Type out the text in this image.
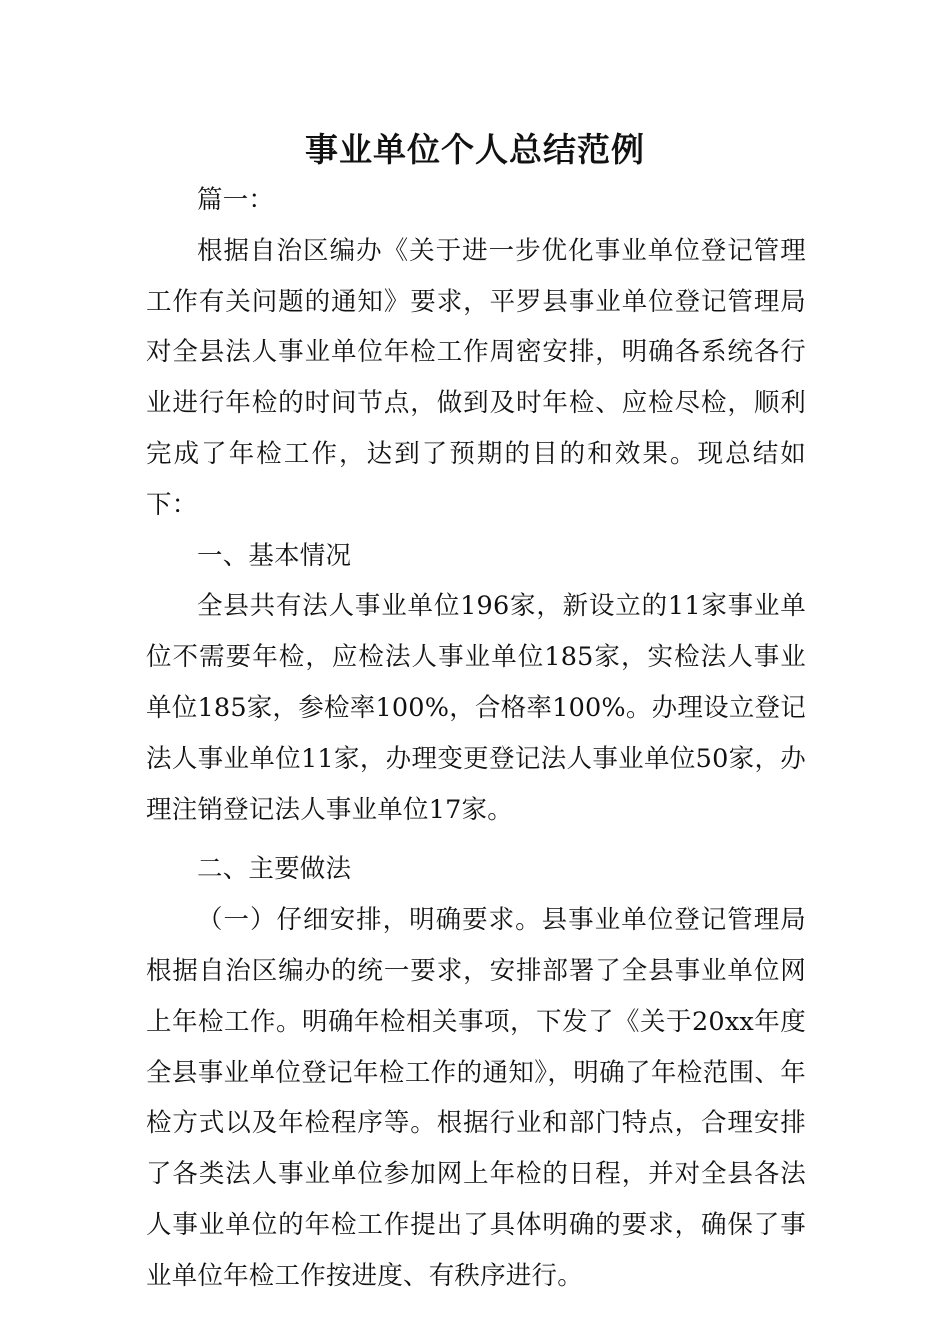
事业单位个人总结范例

篇一：

根据自治区编办《关于进一步优化事业单位登记管理工作有关问题的通知》要求，平罗县事业单位登记管理局对全县法人事业单位年检工作周密安排，明确各系统各行业进行年检的时间节点，做到及时年检、应检尽检，顺利完成了年检工作，达到了预期的目的和效果。现总结如下：

一、基本情况

全县共有法人事业单位196家，新设立的11家事业单位不需要年检，应检法人事业单位185家，实检法人事业单位185家，参检率100%，合格率100%。办理设立登记法人事业单位11家，办理变更登记法人事业单位50家，办理注销登记法人事业单位17家。

二、主要做法

（一）仔细安排，明确要求。县事业单位登记管理局根据自治区编办的统一要求，安排部署了全县事业单位网上年检工作。明确年检相关事项，下发了《关于20xx年度全县事业单位登记年检工作的通知》，明确了年检范围、年检方式以及年检程序等。根据行业和部门特点，合理安排了各类法人事业单位参加网上年检的日程，并对全县各法人事业单位的年检工作提出了具体明确的要求，确保了事业单位年检工作按进度、有秩序进行。
